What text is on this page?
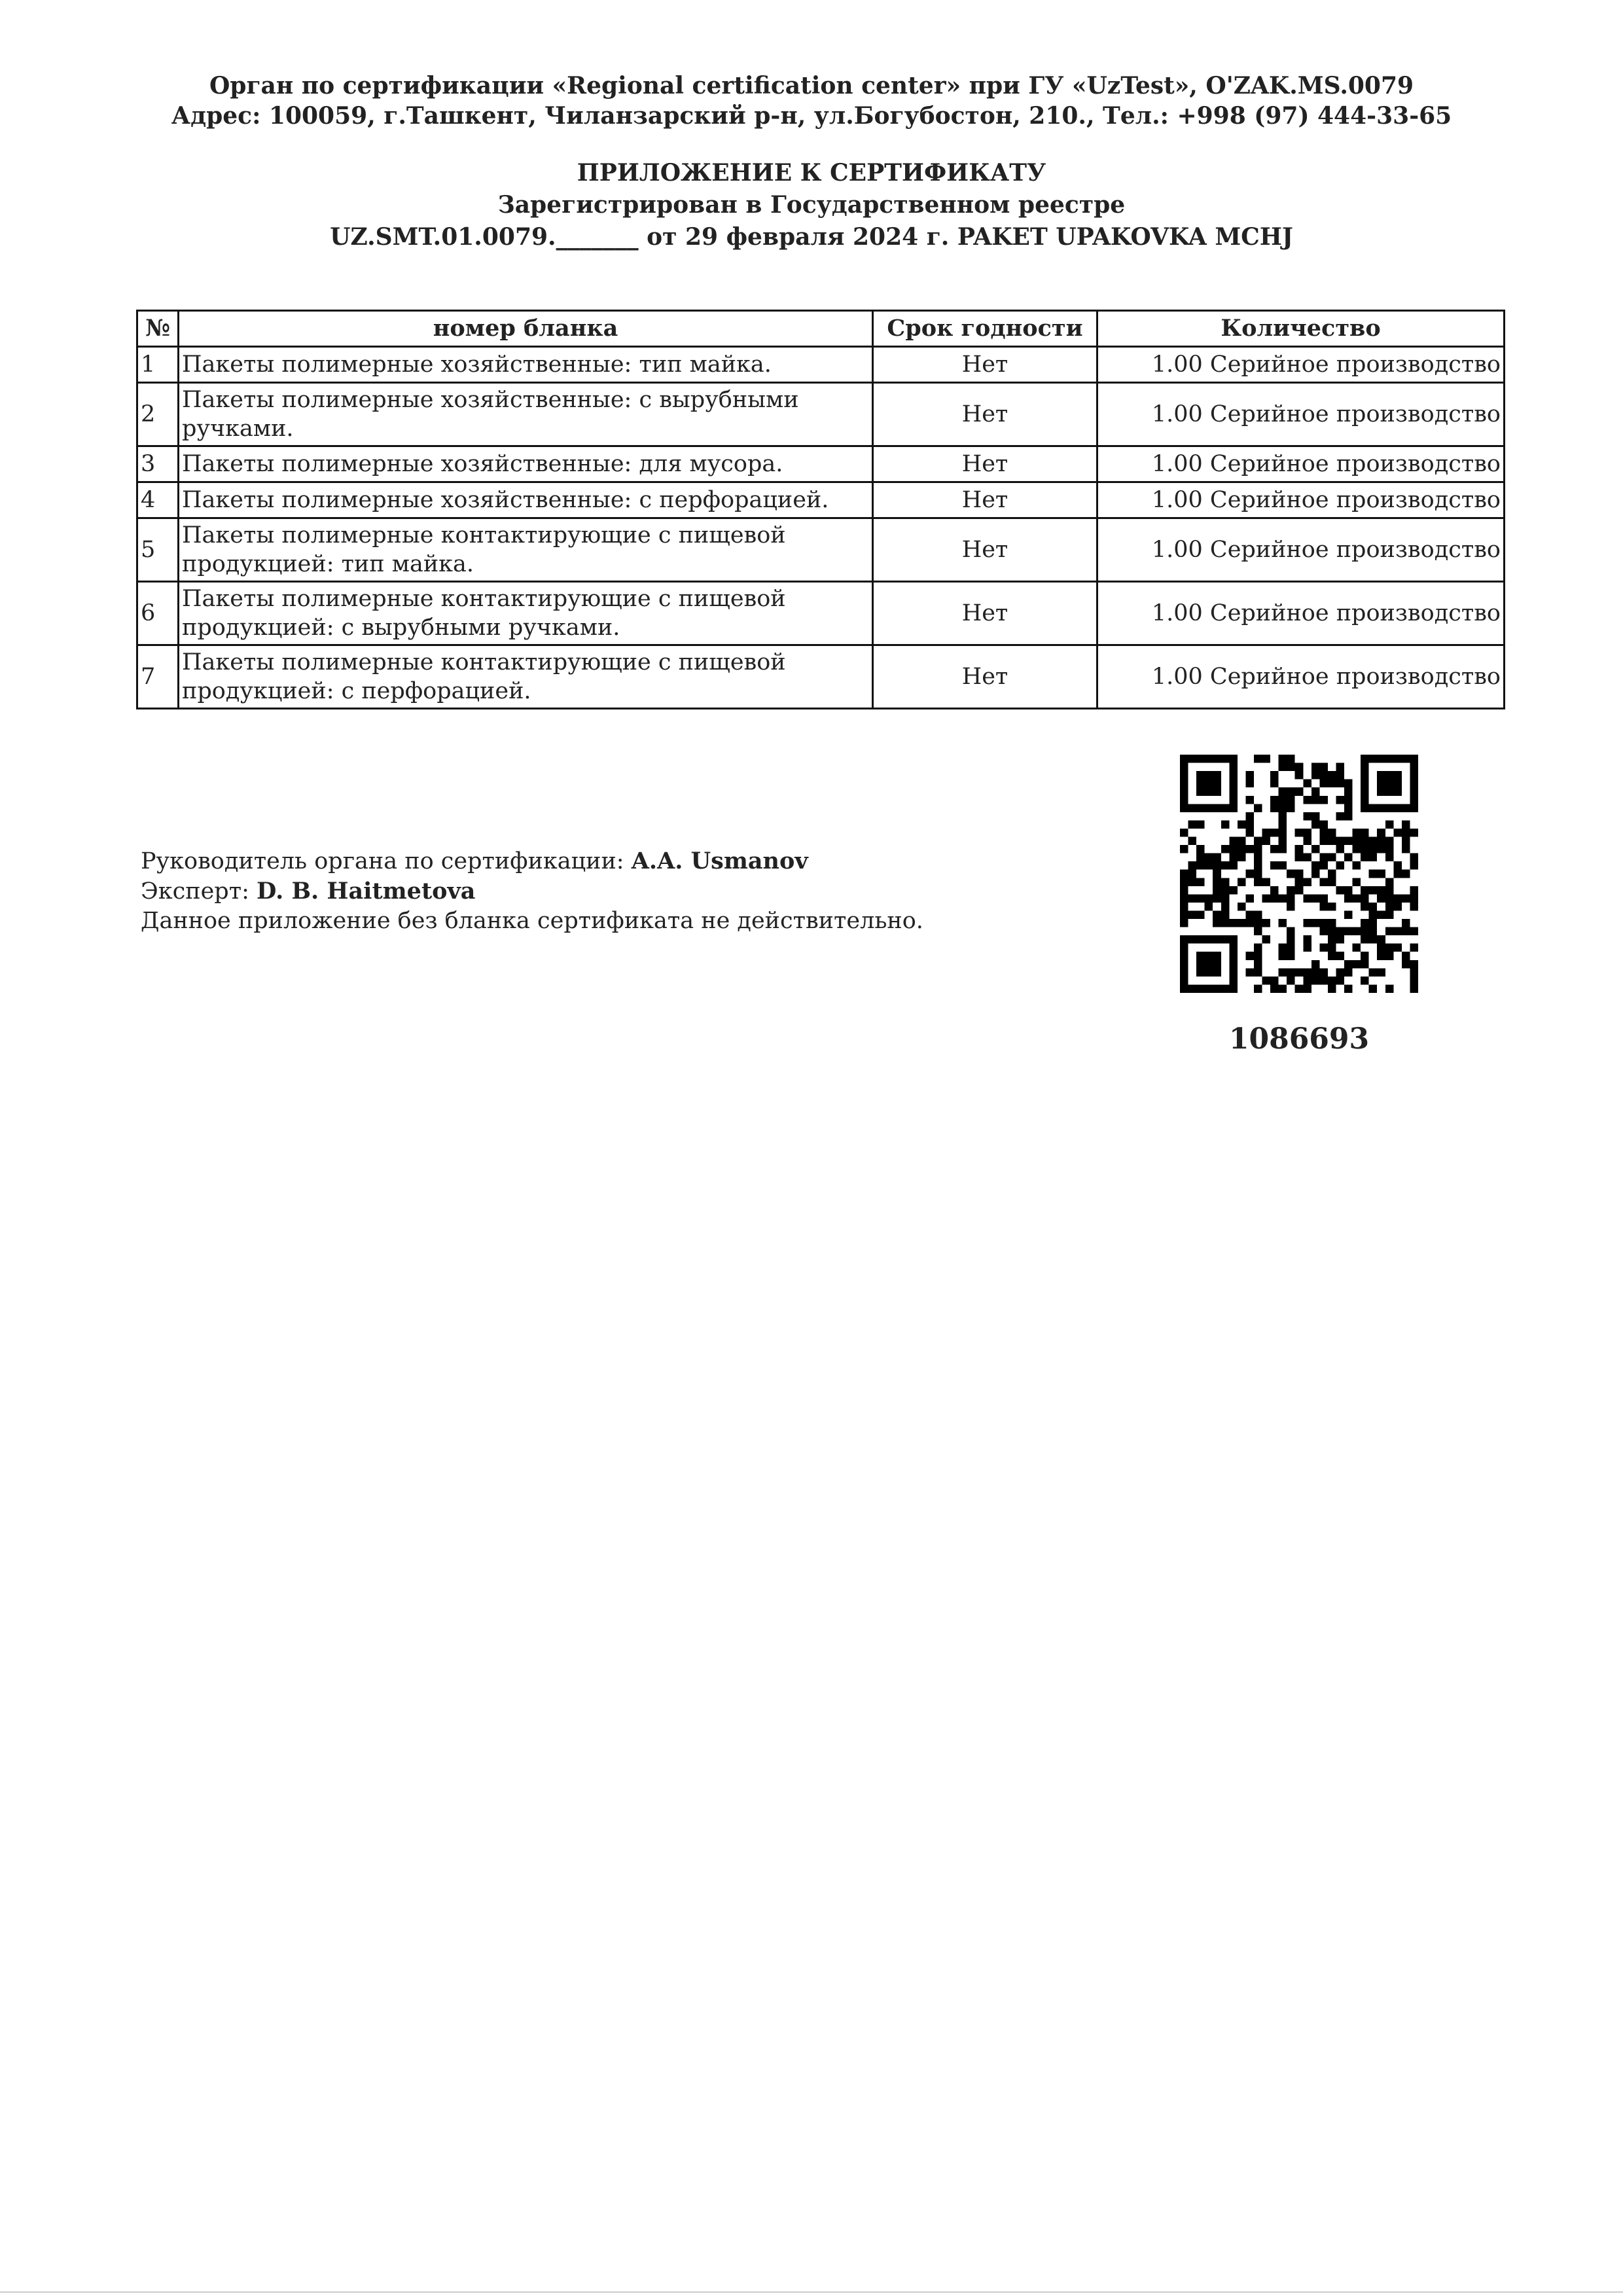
Орган по сертификации «Regional certification center» при ГУ «UzTest», O'ZAK.MS.0079
Адрес: 100059, г.Ташкент, Чиланзарский р-н, ул.Богубостон, 210., Тел.: +998 (97) 444-33-65
ПРИЛОЖЕНИЕ К СЕРТИФИКАТУ
Зарегистрирован в Государственном реестре
UZ.SMT.01.0079._______ от 29 февраля 2024 г. PAKET UPAKOVKA MCHJ
№	номер бланка	Срок годности	Количество
1	Пакеты полимерные хозяйственные: тип майка.	Нет	1.00 Серийное производство
2	Пакеты полимерные хозяйственные: с вырубными ручками.	Нет	1.00 Серийное производство
3	Пакеты полимерные хозяйственные: для мусора.	Нет	1.00 Серийное производство
4	Пакеты полимерные хозяйственные: с перфорацией.	Нет	1.00 Серийное производство
5	Пакеты полимерные контактирующие с пищевой продукцией: тип майка.	Нет	1.00 Серийное производство
6	Пакеты полимерные контактирующие с пищевой продукцией: с вырубными ручками.	Нет	1.00 Серийное производство
7	Пакеты полимерные контактирующие с пищевой продукцией: с перфорацией.	Нет	1.00 Серийное производство
Руководитель органа по сертификации: A.A. Usmanov
Эксперт: D. B. Haitmetova
Данное приложение без бланка сертификата не действительно.
1086693
